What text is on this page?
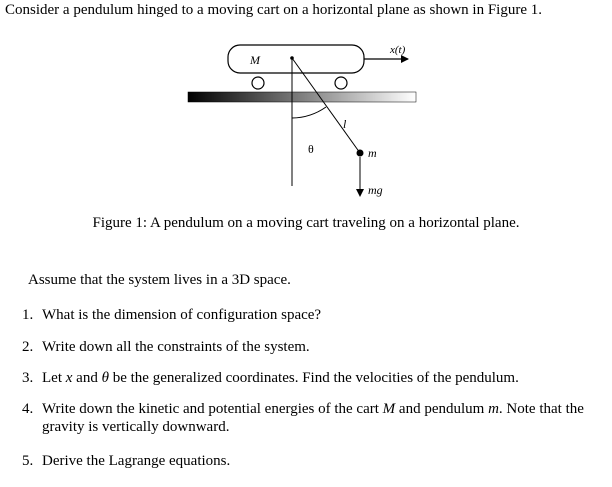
Consider a pendulum hinged to a moving cart on a horizontal plane as shown in Figure 1.
M
x(t)
l
θ	m
mg
Figure 1: A pendulum on a moving cart traveling on a horizontal plane.
Assume that the system lives in a 3D space.
1. What is the dimension of configuration space?
2. Write down all the constraints of the system.
3. Let x and θ be the generalized coordinates. Find the velocities of the pendulum.
4. Write down the kinetic and potential energies of the cart M and pendulum m. Note that the
gravity is vertically downward.
5. Derive the Lagrange equations.
